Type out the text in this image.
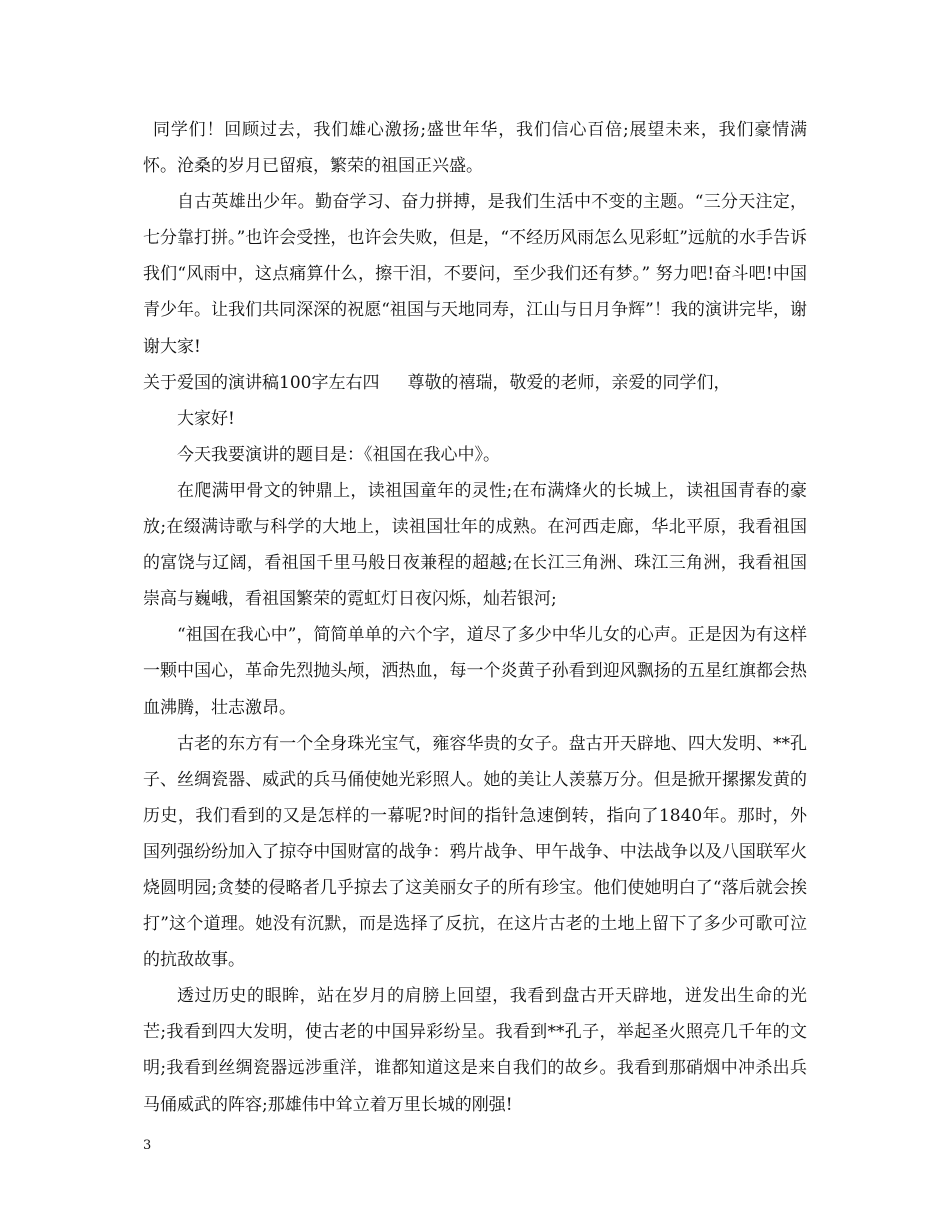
同学们！回顾过去，我们雄心激扬;盛世年华，我们信心百倍;展望未来，我们豪情满怀。沧桑的岁月已留痕，繁荣的祖国正兴盛。

自古英雄出少年。勤奋学习、奋力拼搏，是我们生活中不变的主题。“三分天注定，七分靠打拼。”也许会受挫，也许会失败，但是，“不经历风雨怎么见彩虹”远航的水手告诉我们“风雨中，这点痛算什么，擦干泪，不要问，至少我们还有梦。” 努力吧!奋斗吧!中国青少年。让我们共同深深的祝愿“祖国与天地同寿，江山与日月争辉”！我的演讲完毕，谢谢大家!

关于爱国的演讲稿100字左右四 尊敬的禧瑞，敬爱的老师，亲爱的同学们，

大家好!

今天我要演讲的题目是：《祖国在我心中》。

在爬满甲骨文的钟鼎上，读祖国童年的灵性;在布满烽火的长城上，读祖国青春的豪放;在缀满诗歌与科学的大地上，读祖国壮年的成熟。在河西走廊，华北平原，我看祖国的富饶与辽阔，看祖国千里马般日夜兼程的超越;在长江三角洲、珠江三角洲，我看祖国崇高与巍峨，看祖国繁荣的霓虹灯日夜闪烁，灿若银河;

“祖国在我心中”，简简单单的六个字，道尽了多少中华儿女的心声。正是因为有这样一颗中国心，革命先烈抛头颅，洒热血，每一个炎黄子孙看到迎风飘扬的五星红旗都会热血沸腾，壮志激昂。

古老的东方有一个全身珠光宝气，雍容华贵的女子。盘古开天辟地、四大发明、**孔子、丝绸瓷器、威武的兵马俑使她光彩照人。她的美让人羡慕万分。但是掀开摞摞发黄的历史，我们看到的又是怎样的一幕呢?时间的指针急速倒转，指向了1840年。那时，外国列强纷纷加入了掠夺中国财富的战争：鸦片战争、甲午战争、中法战争以及八国联军火烧圆明园;贪婪的侵略者几乎掠去了这美丽女子的所有珍宝。他们使她明白了“落后就会挨打”这个道理。她没有沉默，而是选择了反抗，在这片古老的土地上留下了多少可歌可泣的抗敌故事。

透过历史的眼眸，站在岁月的肩膀上回望，我看到盘古开天辟地，迸发出生命的光芒;我看到四大发明，使古老的中国异彩纷呈。我看到**孔子，举起圣火照亮几千年的文明;我看到丝绸瓷器远涉重洋，谁都知道这是来自我们的故乡。我看到那硝烟中冲杀出兵马俑威武的阵容;那雄伟中耸立着万里长城的刚强!

3
